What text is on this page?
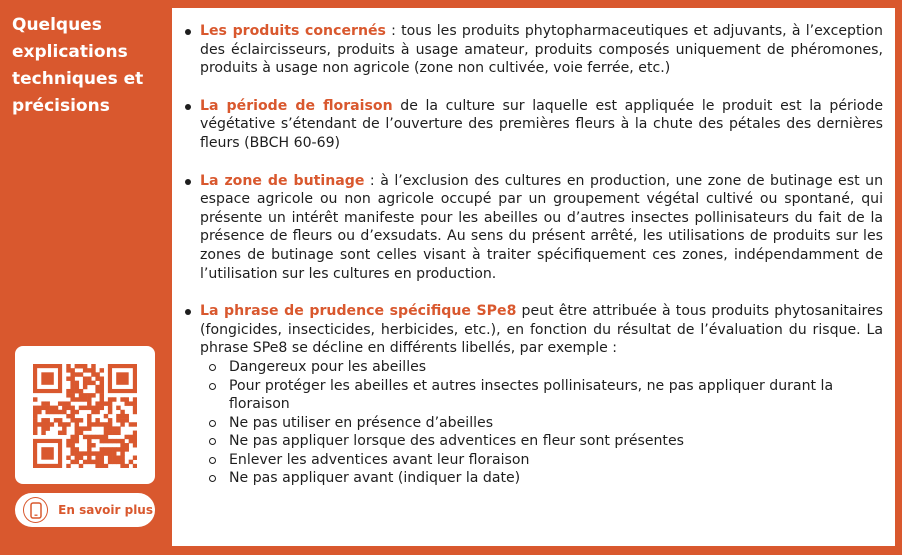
Quelques
explications
techniques et
précisions
En savoir plus
Les produits concernés : tous les produits phytopharmaceutiques et adjuvants, à l’exception des éclaircisseurs, produits à usage amateur, produits composés uniquement de phéromones, produits à usage non agricole (zone non cultivée, voie ferrée, etc.)
La période de floraison de la culture sur laquelle est appliquée le produit est la période végétative s’étendant de l’ouverture des premières fleurs à la chute des pétales des dernières fleurs (BBCH 60-69)
La zone de butinage : à l’exclusion des cultures en production, une zone de butinage est un espace agricole ou non agricole occupé par un groupement végétal cultivé ou spontané, qui présente un intérêt manifeste pour les abeilles ou d’autres insectes pollinisateurs du fait de la présence de fleurs ou d’exsudats. Au sens du présent arrêté, les utilisations de produits sur les zones de butinage sont celles visant à traiter spécifiquement ces zones, indépendamment de l’utilisation sur les cultures en production.
La phrase de prudence spécifique SPe8 peut être attribuée à tous produits phytosanitaires (fongicides, insecticides, herbicides, etc.), en fonction du résultat de l’évaluation du risque. La phrase SPe8 se décline en différents libellés, par exemple :
Dangereux pour les abeilles
Pour protéger les abeilles et autres insectes pollinisateurs, ne pas appliquer durant la floraison
Ne pas utiliser en présence d’abeilles
Ne pas appliquer lorsque des adventices en fleur sont présentes
Enlever les adventices avant leur floraison
Ne pas appliquer avant (indiquer la date)
